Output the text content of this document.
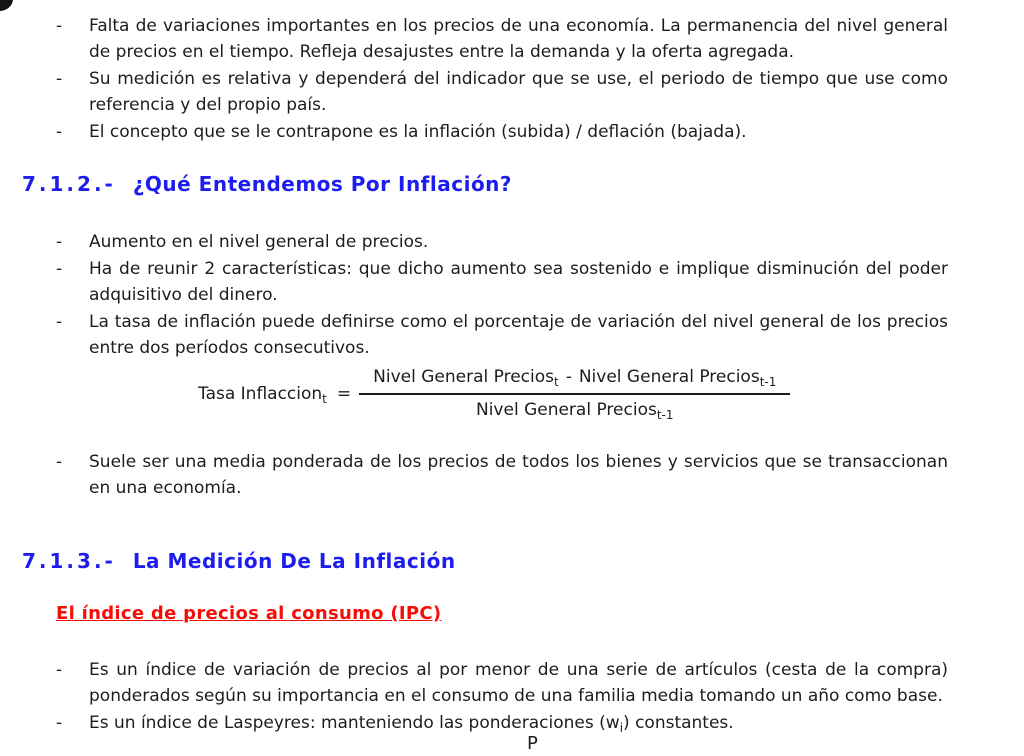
- Falta de variaciones importantes en los precios de una economía. La permanencia del nivel general de precios en el tiempo. Refleja desajustes entre la demanda y la oferta agregada.
- Su medición es relativa y dependerá del indicador que se use, el periodo de tiempo que use como referencia y del propio país.
- El concepto que se le contrapone es la inflación (subida) / deflación (bajada).
7.1.2.- ¿Qué Entendemos Por Inflación?
- Aumento en el nivel general de precios.
- Ha de reunir 2 características: que dicho aumento sea sostenido e implique disminución del poder adquisitivo del dinero.
- La tasa de inflación puede definirse como el porcentaje de variación del nivel general de los precios entre dos períodos consecutivos.
Tasa Inflaccion$_t$ = $\frac{Nivel General Precios_t - Nivel General Precios_{t-1}}{Nivel General Precios_{t-1}}$
- Suele ser una media ponderada de los precios de todos los bienes y servicios que se transaccionan en una economía.
7.1.3.- La Medición De La Inflación
El índice de precios al consumo (IPC)
- Es un índice de variación de precios al por menor de una serie de artículos (cesta de la compra) ponderados según su importancia en el consumo de una familia media tomando un año como base.
- Es un índice de Laspeyres: manteniendo las ponderaciones $(w_i)$ constantes.
P
